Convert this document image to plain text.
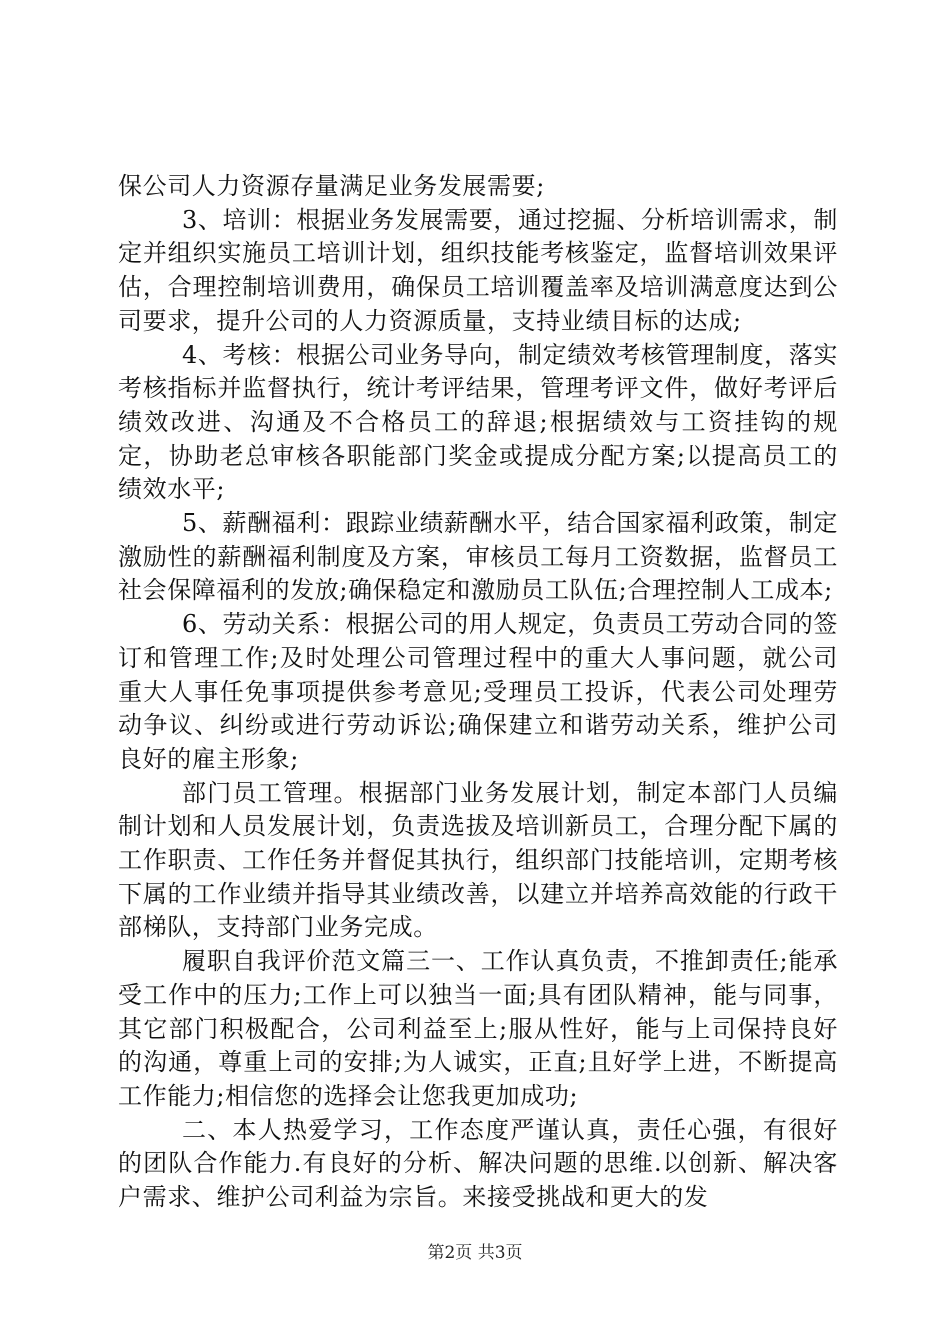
保公司人力资源存量满足业务发展需要;

3、培训：根据业务发展需要，通过挖掘、分析培训需求，制定并组织实施员工培训计划，组织技能考核鉴定，监督培训效果评估，合理控制培训费用，确保员工培训覆盖率及培训满意度达到公司要求，提升公司的人力资源质量，支持业绩目标的达成;

4、考核：根据公司业务导向，制定绩效考核管理制度，落实考核指标并监督执行，统计考评结果，管理考评文件，做好考评后绩效改进、沟通及不合格员工的辞退;根据绩效与工资挂钩的规定，协助老总审核各职能部门奖金或提成分配方案;以提高员工的绩效水平;

5、薪酬福利：跟踪业绩薪酬水平，结合国家福利政策，制定激励性的薪酬福利制度及方案，审核员工每月工资数据，监督员工社会保障福利的发放;确保稳定和激励员工队伍;合理控制人工成本;

6、劳动关系：根据公司的用人规定，负责员工劳动合同的签订和管理工作;及时处理公司管理过程中的重大人事问题，就公司重大人事任免事项提供参考意见;受理员工投诉，代表公司处理劳动争议、纠纷或进行劳动诉讼;确保建立和谐劳动关系，维护公司良好的雇主形象;

部门员工管理。根据部门业务发展计划，制定本部门人员编制计划和人员发展计划，负责选拔及培训新员工，合理分配下属的工作职责、工作任务并督促其执行，组织部门技能培训，定期考核下属的工作业绩并指导其业绩改善，以建立并培养高效能的行政干部梯队，支持部门业务完成。

履职自我评价范文篇三一、工作认真负责，不推卸责任;能承受工作中的压力;工作上可以独当一面;具有团队精神，能与同事，其它部门积极配合，公司利益至上;服从性好，能与上司保持良好的沟通，尊重上司的安排;为人诚实，正直;且好学上进，不断提高工作能力;相信您的选择会让您我更加成功;

二、本人热爱学习，工作态度严谨认真，责任心强，有很好的团队合作能力.有良好的分析、解决问题的思维.以创新、解决客户需求、维护公司利益为宗旨。来接受挑战和更大的发

第2页 共3页
